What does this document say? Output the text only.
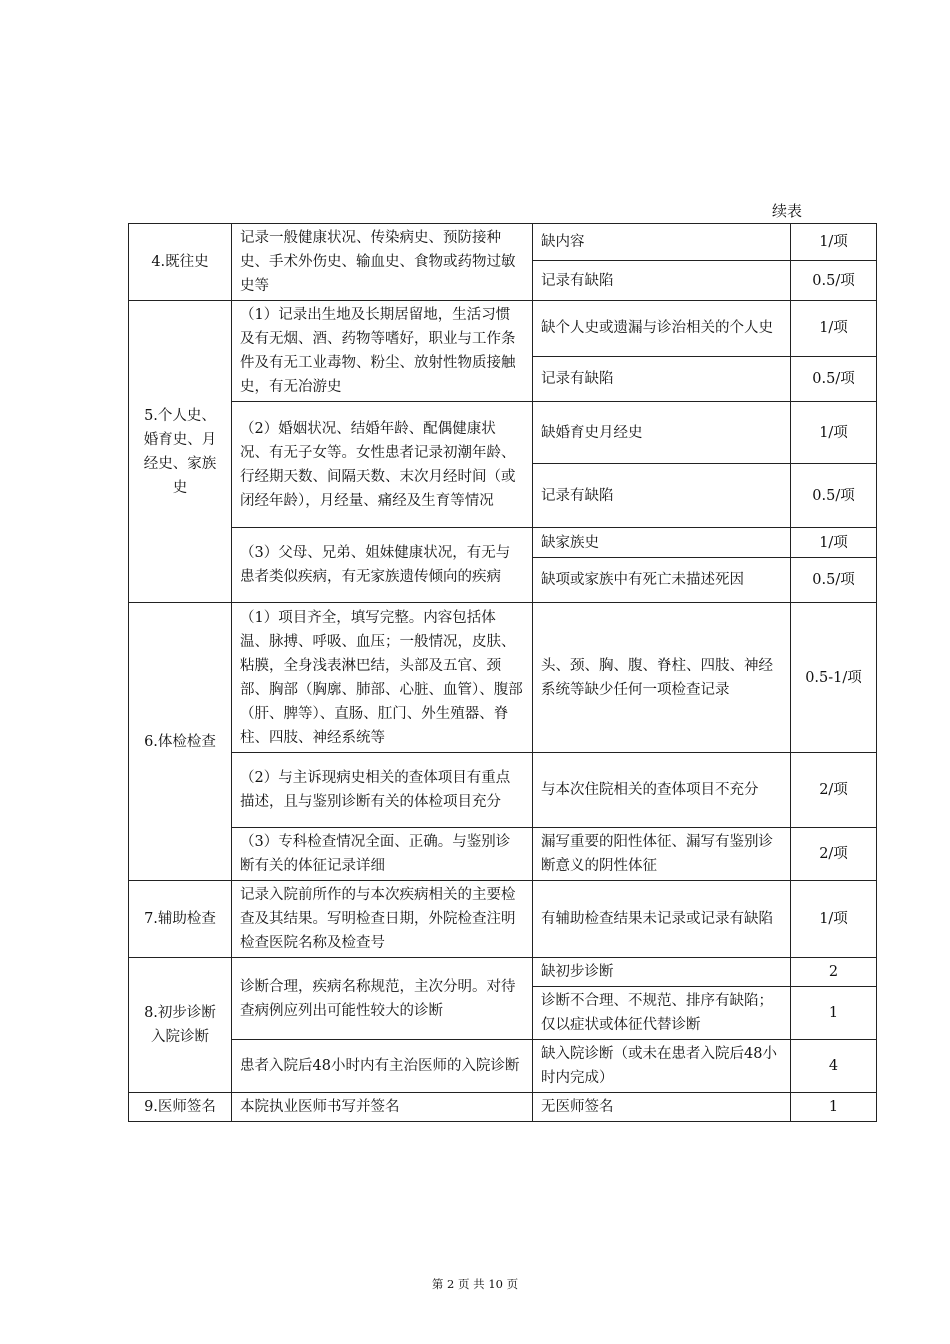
续表
4.既往史	记录一般健康状况、传染病史、预防接种史、手术外伤史、输血史、食物或药物过敏史等	缺内容	1/项
		记录有缺陷	0.5/项
5.个人史、婚育史、月经史、家族史	（1）记录出生地及长期居留地，生活习惯及有无烟、酒、药物等嗜好，职业与工作条件及有无工业毒物、粉尘、放射性物质接触史，有无冶游史	缺个人史或遗漏与诊治相关的个人史	1/项
		记录有缺陷	0.5/项
	（2）婚姻状况、结婚年龄、配偶健康状况、有无子女等。女性患者记录初潮年龄、行经期天数、间隔天数、末次月经时间（或闭经年龄），月经量、痛经及生育等情况	缺婚育史月经史	1/项
		记录有缺陷	0.5/项
	（3）父母、兄弟、姐妹健康状况，有无与患者类似疾病，有无家族遗传倾向的疾病	缺家族史	1/项
		缺项或家族中有死亡未描述死因	0.5/项
6.体检检查	（1）项目齐全，填写完整。内容包括体温、脉搏、呼吸、血压；一般情况，皮肤、粘膜，全身浅表淋巴结，头部及五官、颈部、胸部（胸廓、肺部、心脏、血管）、腹部（肝、脾等）、直肠、肛门、外生殖器、脊柱、四肢、神经系统等	头、颈、胸、腹、脊柱、四肢、神经系统等缺少任何一项检查记录	0.5-1/项
	（2）与主诉现病史相关的查体项目有重点描述，且与鉴别诊断有关的体检项目充分	与本次住院相关的查体项目不充分	2/项
	（3）专科检查情况全面、正确。与鉴别诊断有关的体征记录详细	漏写重要的阳性体征、漏写有鉴别诊断意义的阴性体征	2/项
7.辅助检查	记录入院前所作的与本次疾病相关的主要检查及其结果。写明检查日期，外院检查注明检查医院名称及检查号	有辅助检查结果未记录或记录有缺陷	1/项
8.初步诊断入院诊断	诊断合理，疾病名称规范，主次分明。对待查病例应列出可能性较大的诊断	缺初步诊断	2
		诊断不合理、不规范、排序有缺陷；仅以症状或体征代替诊断	1
	患者入院后48小时内有主治医师的入院诊断	缺入院诊断（或未在患者入院后48小时内完成）	4
9.医师签名	本院执业医师书写并签名	无医师签名	1
第 2 页 共 10 页
